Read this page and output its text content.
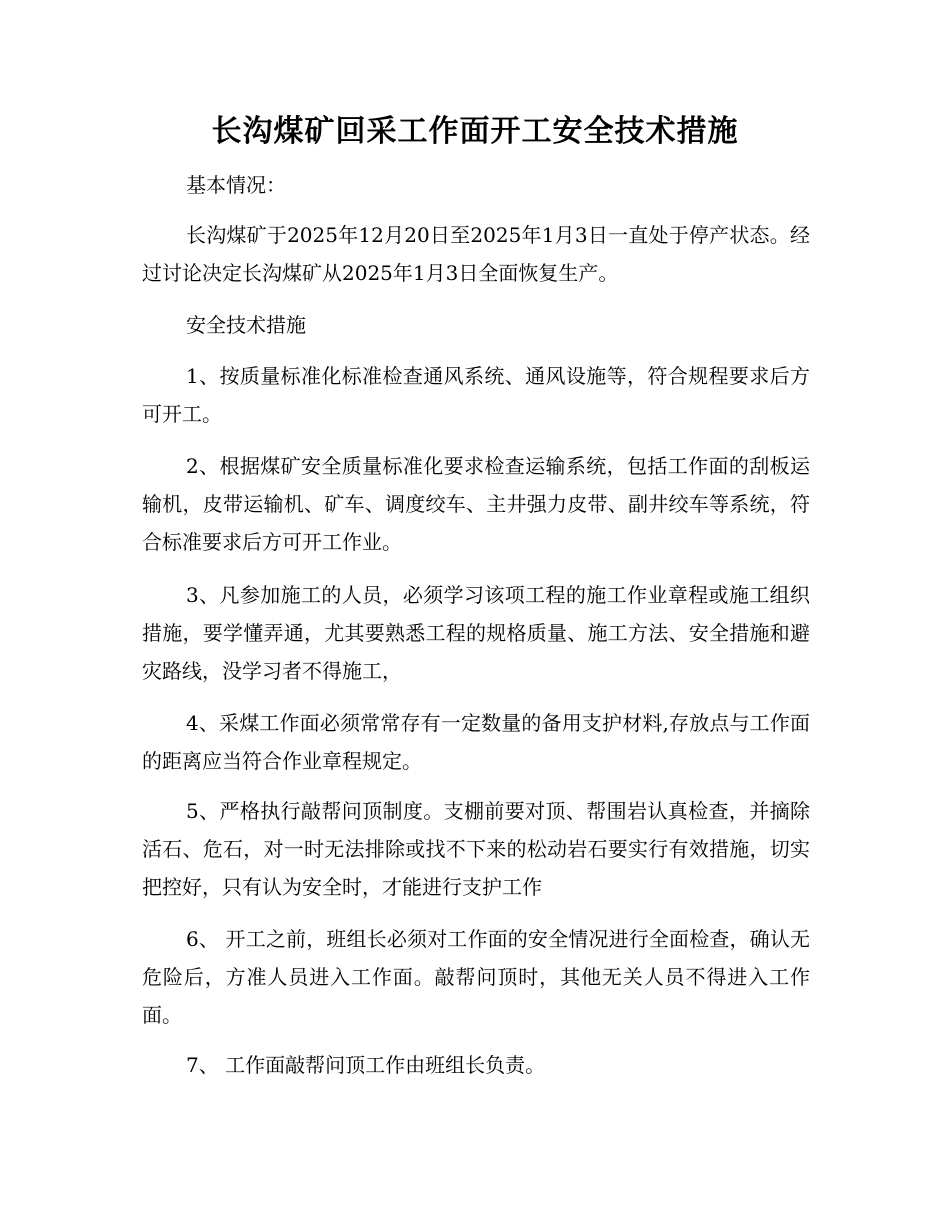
长沟煤矿回采工作面开工安全技术措施

基本情况：

长沟煤矿于2025年12月20日至2025年1月3日一直处于停产状态。经过讨论决定长沟煤矿从2025年1月3日全面恢复生产。

安全技术措施

1、按质量标准化标准检查通风系统、通风设施等，符合规程要求后方可开工。

2、根据煤矿安全质量标准化要求检查运输系统，包括工作面的刮板运输机，皮带运输机、矿车、调度绞车、主井强力皮带、副井绞车等系统，符合标准要求后方可开工作业。

3、凡参加施工的人员，必须学习该项工程的施工作业章程或施工组织措施，要学懂弄通，尤其要熟悉工程的规格质量、施工方法、安全措施和避灾路线，没学习者不得施工，

4、采煤工作面必须常常存有一定数量的备用支护材料,存放点与工作面的距离应当符合作业章程规定。

5、严格执行敲帮问顶制度。支棚前要对顶、帮围岩认真检查，并摘除活石、危石，对一时无法排除或找不下来的松动岩石要实行有效措施，切实把控好，只有认为安全时，才能进行支护工作

6、 开工之前，班组长必须对工作面的安全情况进行全面检查，确认无危险后，方准人员进入工作面。敲帮问顶时，其他无关人员不得进入工作面。

7、 工作面敲帮问顶工作由班组长负责。
